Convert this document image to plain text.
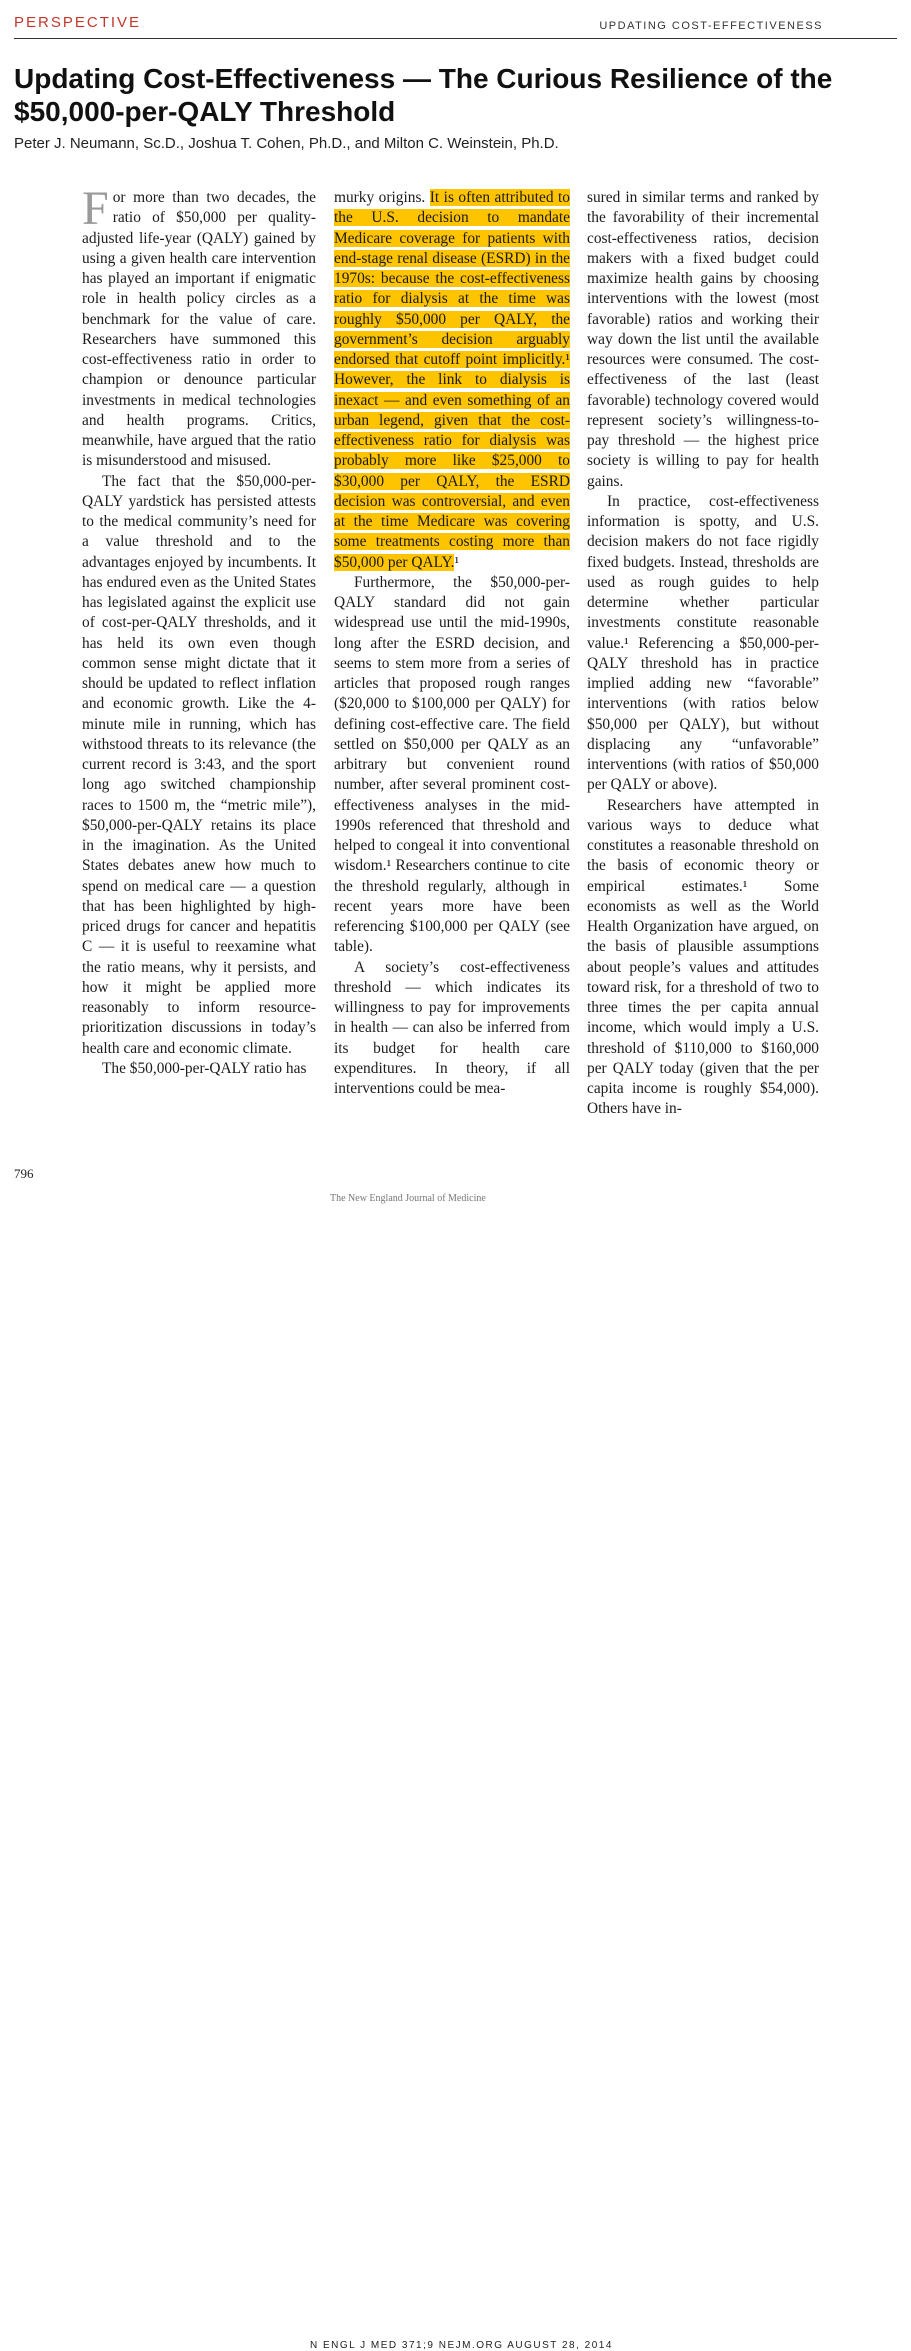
PERSPECTIVE	UPDATING COST-EFFECTIVENESS
Updating Cost-Effectiveness — The Curious Resilience of the $50,000-per-QALY Threshold
Peter J. Neumann, Sc.D., Joshua T. Cohen, Ph.D., and Milton C. Weinstein, Ph.D.

For more than two decades, the ratio of $50,000 per quality-adjusted life-year (QALY) gained by using a given health care intervention has played an important if enigmatic role in health policy circles as a benchmark for the value of care. Researchers have summoned this cost-effectiveness ratio in order to champion or denounce particular investments in medical technologies and health programs. Critics, meanwhile, have argued that the ratio is misunderstood and misused.

The fact that the $50,000-per-QALY yardstick has persisted attests to the medical community’s need for a value threshold and to the advantages enjoyed by incumbents. It has endured even as the United States has legislated against the explicit use of cost-per-QALY thresholds, and it has held its own even though common sense might dictate that it should be updated to reflect inflation and economic growth. Like the 4-minute mile in running, which has withstood threats to its relevance (the current record is 3:43, and the sport long ago switched championship races to 1500 m, the “metric mile”), $50,000-per-QALY retains its place in the imagination. As the United States debates anew how much to spend on medical care — a question that has been highlighted by high-priced drugs for cancer and hepatitis C — it is useful to reexamine what the ratio means, why it persists, and how it might be applied more reasonably to inform resource-prioritization discussions in today’s health care and economic climate.

The $50,000-per-QALY ratio has

murky origins. It is often attributed to the U.S. decision to mandate Medicare coverage for patients with end-stage renal disease (ESRD) in the 1970s: because the cost-effectiveness ratio for dialysis at the time was roughly $50,000 per QALY, the government’s decision arguably endorsed that cutoff point implicitly.¹ However, the link to dialysis is inexact — and even something of an urban legend, given that the cost-effectiveness ratio for dialysis was probably more like $25,000 to $30,000 per QALY, the ESRD decision was controversial, and even at the time Medicare was covering some treatments costing more than $50,000 per QALY.¹

Furthermore, the $50,000-per-QALY standard did not gain widespread use until the mid-1990s, long after the ESRD decision, and seems to stem more from a series of articles that proposed rough ranges ($20,000 to $100,000 per QALY) for defining cost-effective care. The field settled on $50,000 per QALY as an arbitrary but convenient round number, after several prominent cost-effectiveness analyses in the mid-1990s referenced that threshold and helped to congeal it into conventional wisdom.¹ Researchers continue to cite the threshold regularly, although in recent years more have been referencing $100,000 per QALY (see table).

A society’s cost-effectiveness threshold — which indicates its willingness to pay for improvements in health — can also be inferred from its budget for health care expenditures. In theory, if all interventions could be mea-

sured in similar terms and ranked by the favorability of their incremental cost-effectiveness ratios, decision makers with a fixed budget could maximize health gains by choosing interventions with the lowest (most favorable) ratios and working their way down the list until the available resources were consumed. The cost-effectiveness of the last (least favorable) technology covered would represent society’s willingness-to-pay threshold — the highest price society is willing to pay for health gains.

In practice, cost-effectiveness information is spotty, and U.S. decision makers do not face rigidly fixed budgets. Instead, thresholds are used as rough guides to help determine whether particular investments constitute reasonable value.¹ Referencing a $50,000-per-QALY threshold has in practice implied adding new “favorable” interventions (with ratios below $50,000 per QALY), but without displacing any “unfavorable” interventions (with ratios of $50,000 per QALY or above).

Researchers have attempted in various ways to deduce what constitutes a reasonable threshold on the basis of economic theory or empirical estimates.¹ Some economists as well as the World Health Organization have argued, on the basis of plausible assumptions about people’s values and attitudes toward risk, for a threshold of two to three times the per capita annual income, which would imply a U.S. threshold of $110,000 to $160,000 per QALY today (given that the per capita income is roughly $54,000). Others have in-

796
N ENGL J MED 371;9 NEJM.ORG AUGUST 28, 2014
The New England Journal of Medicine
